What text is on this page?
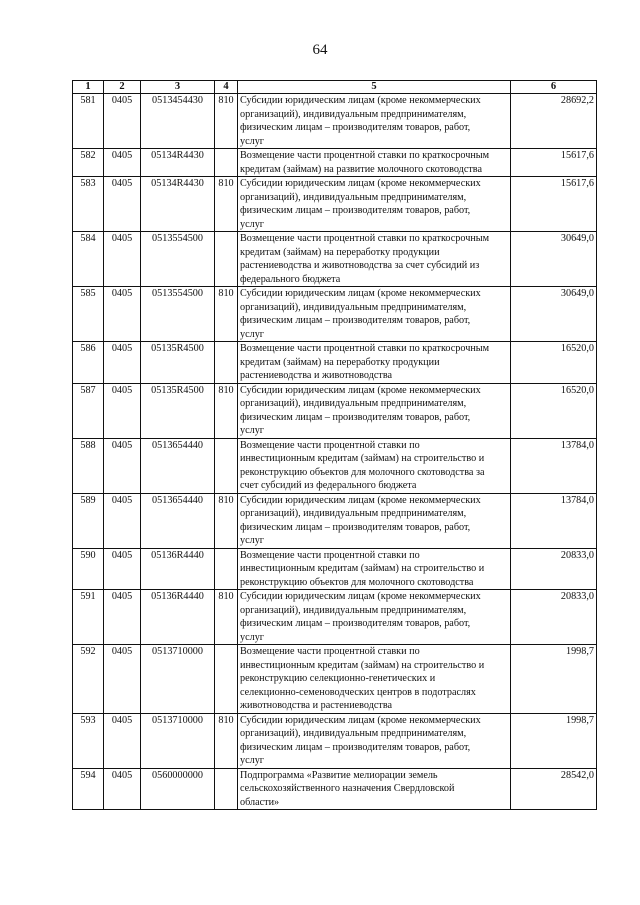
64
1	2	3	4	5	6
581	0405	0513454430	810	Субсидии юридическим лицам (кроме некоммерческих
организаций), индивидуальным предпринимателям,
физическим лицам – производителям товаров, работ,
услуг	28692,2
582	0405	05134R4430		Возмещение части процентной ставки по краткосрочным
кредитам (займам) на развитие молочного скотоводства	15617,6
583	0405	05134R4430	810	Субсидии юридическим лицам (кроме некоммерческих
организаций), индивидуальным предпринимателям,
физическим лицам – производителям товаров, работ,
услуг	15617,6
584	0405	0513554500		Возмещение части процентной ставки по краткосрочным
кредитам (займам) на переработку продукции
растениеводства и животноводства за счет субсидий из
федерального бюджета	30649,0
585	0405	0513554500	810	Субсидии юридическим лицам (кроме некоммерческих
организаций), индивидуальным предпринимателям,
физическим лицам – производителям товаров, работ,
услуг	30649,0
586	0405	05135R4500		Возмещение части процентной ставки по краткосрочным
кредитам (займам) на переработку продукции
растениеводства и животноводства	16520,0
587	0405	05135R4500	810	Субсидии юридическим лицам (кроме некоммерческих
организаций), индивидуальным предпринимателям,
физическим лицам – производителям товаров, работ,
услуг	16520,0
588	0405	0513654440		Возмещение части процентной ставки по
инвестиционным кредитам (займам) на строительство и
реконструкцию объектов для молочного скотоводства за
счет субсидий из федерального бюджета	13784,0
589	0405	0513654440	810	Субсидии юридическим лицам (кроме некоммерческих
организаций), индивидуальным предпринимателям,
физическим лицам – производителям товаров, работ,
услуг	13784,0
590	0405	05136R4440		Возмещение части процентной ставки по
инвестиционным кредитам (займам) на строительство и
реконструкцию объектов для молочного скотоводства	20833,0
591	0405	05136R4440	810	Субсидии юридическим лицам (кроме некоммерческих
организаций), индивидуальным предпринимателям,
физическим лицам – производителям товаров, работ,
услуг	20833,0
592	0405	0513710000		Возмещение части процентной ставки по
инвестиционным кредитам (займам) на строительство и
реконструкцию селекционно-генетических и
селекционно-семеноводческих центров в подотраслях
животноводства и растениеводства	1998,7
593	0405	0513710000	810	Субсидии юридическим лицам (кроме некоммерческих
организаций), индивидуальным предпринимателям,
физическим лицам – производителям товаров, работ,
услуг	1998,7
594	0405	0560000000		Подпрограмма «Развитие мелиорации земель
сельскохозяйственного назначения Свердловской
области»	28542,0
